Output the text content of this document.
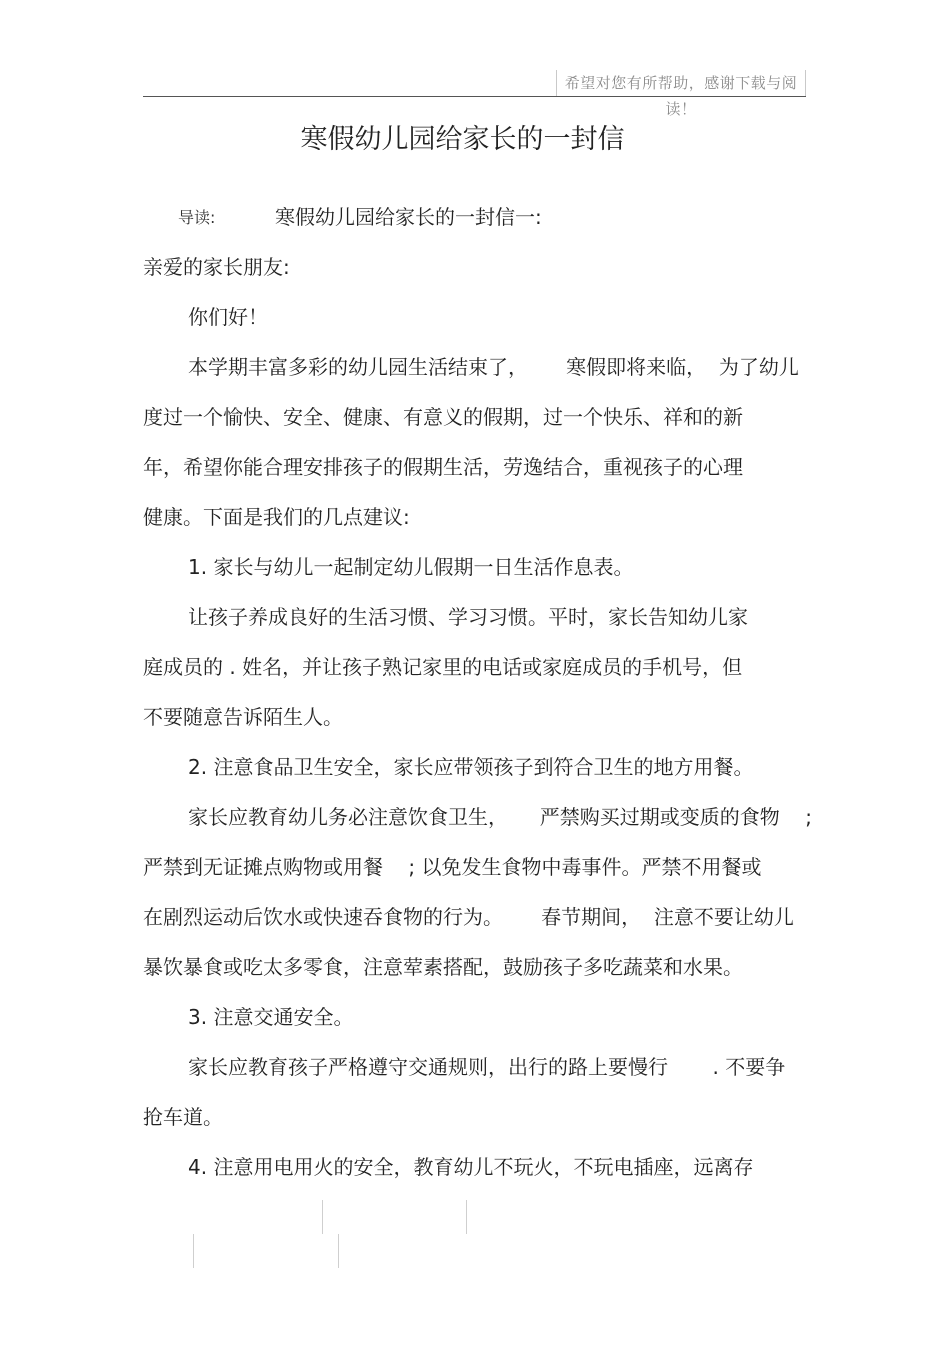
希望对您有所帮助，感谢下载与阅读！
寒假幼儿园给家长的一封信
导读:	寒假幼儿园给家长的一封信一:
亲爱的家长朋友:
你们好！
本学期丰富多彩的幼儿园生活结束了，      寒假即将来临，  为了幼儿
度过一个愉快、安全、健康、有意义的假期，过一个快乐、祥和的新
年，希望你能合理安排孩子的假期生活，劳逸结合，重视孩子的心理
健康。下面是我们的几点建议:
1. 家长与幼儿一起制定幼儿假期一日生活作息表。
让孩子养成良好的生活习惯、学习习惯。平时，家长告知幼儿家
庭成员的 . 姓名，并让孩子熟记家里的电话或家庭成员的手机号，但
不要随意告诉陌生人。
2. 注意食品卫生安全，家长应带领孩子到符合卫生的地方用餐。
家长应教育幼儿务必注意饮食卫生，     严禁购买过期或变质的食物    ;
严禁到无证摊点购物或用餐    ; 以免发生食物中毒事件。严禁不用餐或
在剧烈运动后饮水或快速吞食物的行为。      春节期间，  注意不要让幼儿
暴饮暴食或吃太多零食，注意荤素搭配，鼓励孩子多吃蔬菜和水果。
3. 注意交通安全。
家长应教育孩子严格遵守交通规则，出行的路上要慢行       . 不要争
抢车道。
4. 注意用电用火的安全，教育幼儿不玩火，不玩电插座，远离存
